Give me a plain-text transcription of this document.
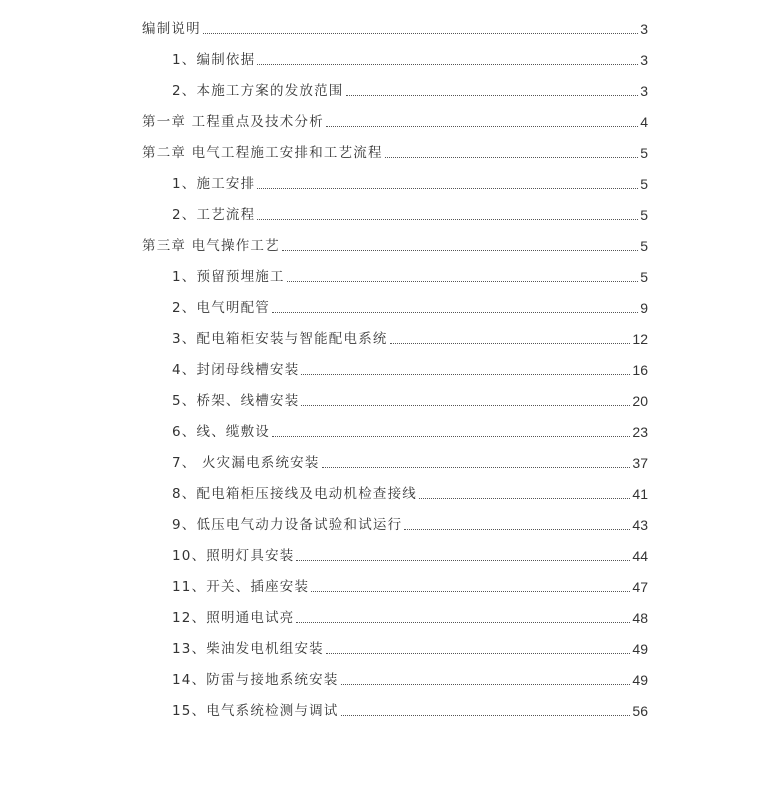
编制说明	3
1、编制依据	3
2、本施工方案的发放范围	3
第一章 工程重点及技术分析	4
第二章 电气工程施工安排和工艺流程	5
1、施工安排	5
2、工艺流程	5
第三章 电气操作工艺	5
1、预留预埋施工	5
2、电气明配管	9
3、配电箱柜安装与智能配电系统	12
4、封闭母线槽安装	16
5、桥架、线槽安装	20
6、线、缆敷设	23
7、 火灾漏电系统安装	37
8、配电箱柜压接线及电动机检查接线	41
9、低压电气动力设备试验和试运行	43
10、照明灯具安装	44
11、开关、插座安装	47
12、照明通电试亮	48
13、柴油发电机组安装	49
14、防雷与接地系统安装	49
15、电气系统检测与调试	56
